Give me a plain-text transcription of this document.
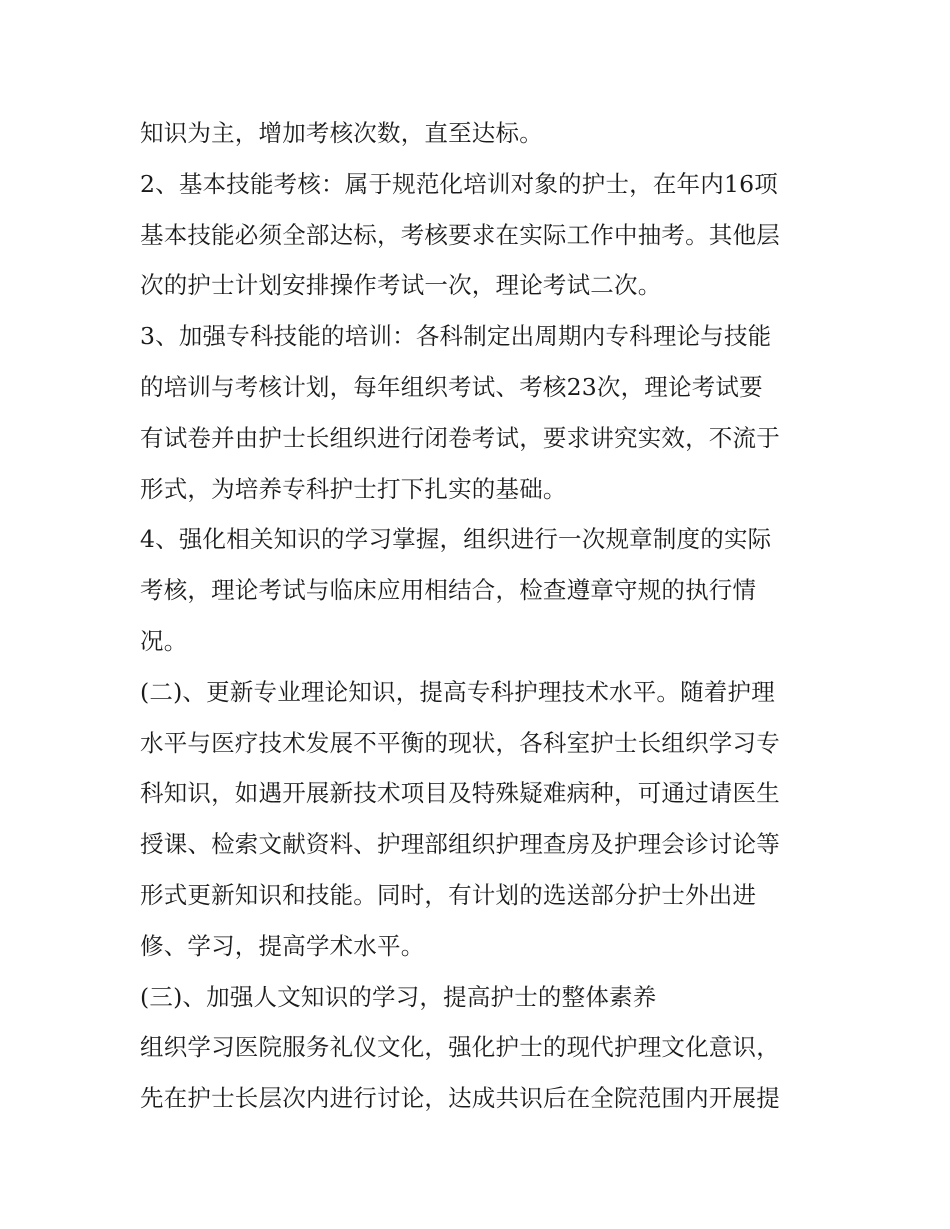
知识为主，增加考核次数，直至达标。
2、基本技能考核：属于规范化培训对象的护士，在年内16项
基本技能必须全部达标，考核要求在实际工作中抽考。其他层
次的护士计划安排操作考试一次，理论考试二次。
3、加强专科技能的培训：各科制定出周期内专科理论与技能
的培训与考核计划，每年组织考试、考核23次，理论考试要
有试卷并由护士长组织进行闭卷考试，要求讲究实效，不流于
形式，为培养专科护士打下扎实的基础。
4、强化相关知识的学习掌握，组织进行一次规章制度的实际
考核，理论考试与临床应用相结合，检查遵章守规的执行情
况。
(二)、更新专业理论知识，提高专科护理技术水平。随着护理
水平与医疗技术发展不平衡的现状，各科室护士长组织学习专
科知识，如遇开展新技术项目及特殊疑难病种，可通过请医生
授课、检索文献资料、护理部组织护理查房及护理会诊讨论等
形式更新知识和技能。同时，有计划的选送部分护士外出进
修、学习，提高学术水平。
(三)、加强人文知识的学习，提高护士的整体素养
组织学习医院服务礼仪文化，强化护士的现代护理文化意识，
先在护士长层次内进行讨论，达成共识后在全院范围内开展提
